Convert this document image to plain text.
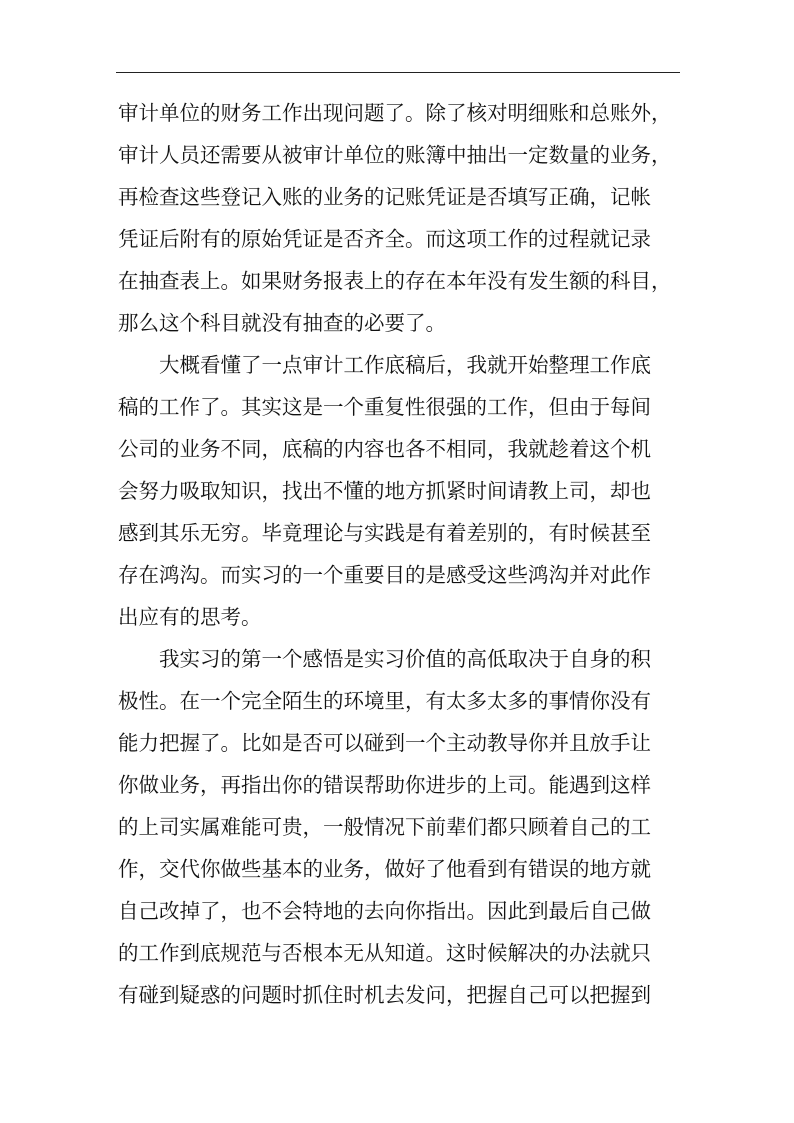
审计单位的财务工作出现问题了。除了核对明细账和总账外，
审计人员还需要从被审计单位的账簿中抽出一定数量的业务，
再检查这些登记入账的业务的记账凭证是否填写正确，记帐
凭证后附有的原始凭证是否齐全。而这项工作的过程就记录
在抽查表上。如果财务报表上的存在本年没有发生额的科目，
那么这个科目就没有抽查的必要了。
大概看懂了一点审计工作底稿后，我就开始整理工作底
稿的工作了。其实这是一个重复性很强的工作，但由于每间
公司的业务不同，底稿的内容也各不相同，我就趁着这个机
会努力吸取知识，找出不懂的地方抓紧时间请教上司，却也
感到其乐无穷。毕竟理论与实践是有着差别的，有时候甚至
存在鸿沟。而实习的一个重要目的是感受这些鸿沟并对此作
出应有的思考。
我实习的第一个感悟是实习价值的高低取决于自身的积
极性。在一个完全陌生的环境里，有太多太多的事情你没有
能力把握了。比如是否可以碰到一个主动教导你并且放手让
你做业务，再指出你的错误帮助你进步的上司。能遇到这样
的上司实属难能可贵，一般情况下前辈们都只顾着自己的工
作，交代你做些基本的业务，做好了他看到有错误的地方就
自己改掉了，也不会特地的去向你指出。因此到最后自己做
的工作到底规范与否根本无从知道。这时候解决的办法就只
有碰到疑惑的问题时抓住时机去发问，把握自己可以把握到
